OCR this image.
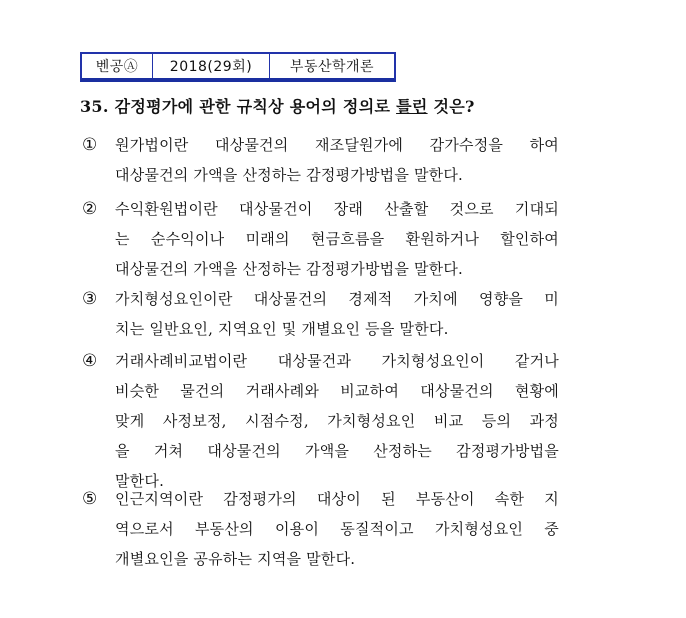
벤공Ⓐ	2018(29회)	부동산학개론
35. 감정평가에 관한 규칙상 용어의 정의로 틀린 것은?
①	원가법이란 대상물건의 재조달원가에 감가수정을 하여
대상물건의 가액을 산정하는 감정평가방법을 말한다.
②	수익환원법이란 대상물건이 장래 산출할 것으로 기대되
는 순수익이나 미래의 현금흐름을 환원하거나 할인하여
대상물건의 가액을 산정하는 감정평가방법을 말한다.
③	가치형성요인이란 대상물건의 경제적 가치에 영향을 미
치는 일반요인, 지역요인 및 개별요인 등을 말한다.
④	거래사례비교법이란 대상물건과 가치형성요인이 같거나
비슷한 물건의 거래사례와 비교하여 대상물건의 현황에
맞게 사정보정, 시점수정, 가치형성요인 비교 등의 과정
을 거쳐 대상물건의 가액을 산정하는 감정평가방법을
말한다.
⑤	인근지역이란 감정평가의 대상이 된 부동산이 속한 지
역으로서 부동산의 이용이 동질적이고 가치형성요인 중
개별요인을 공유하는 지역을 말한다.
